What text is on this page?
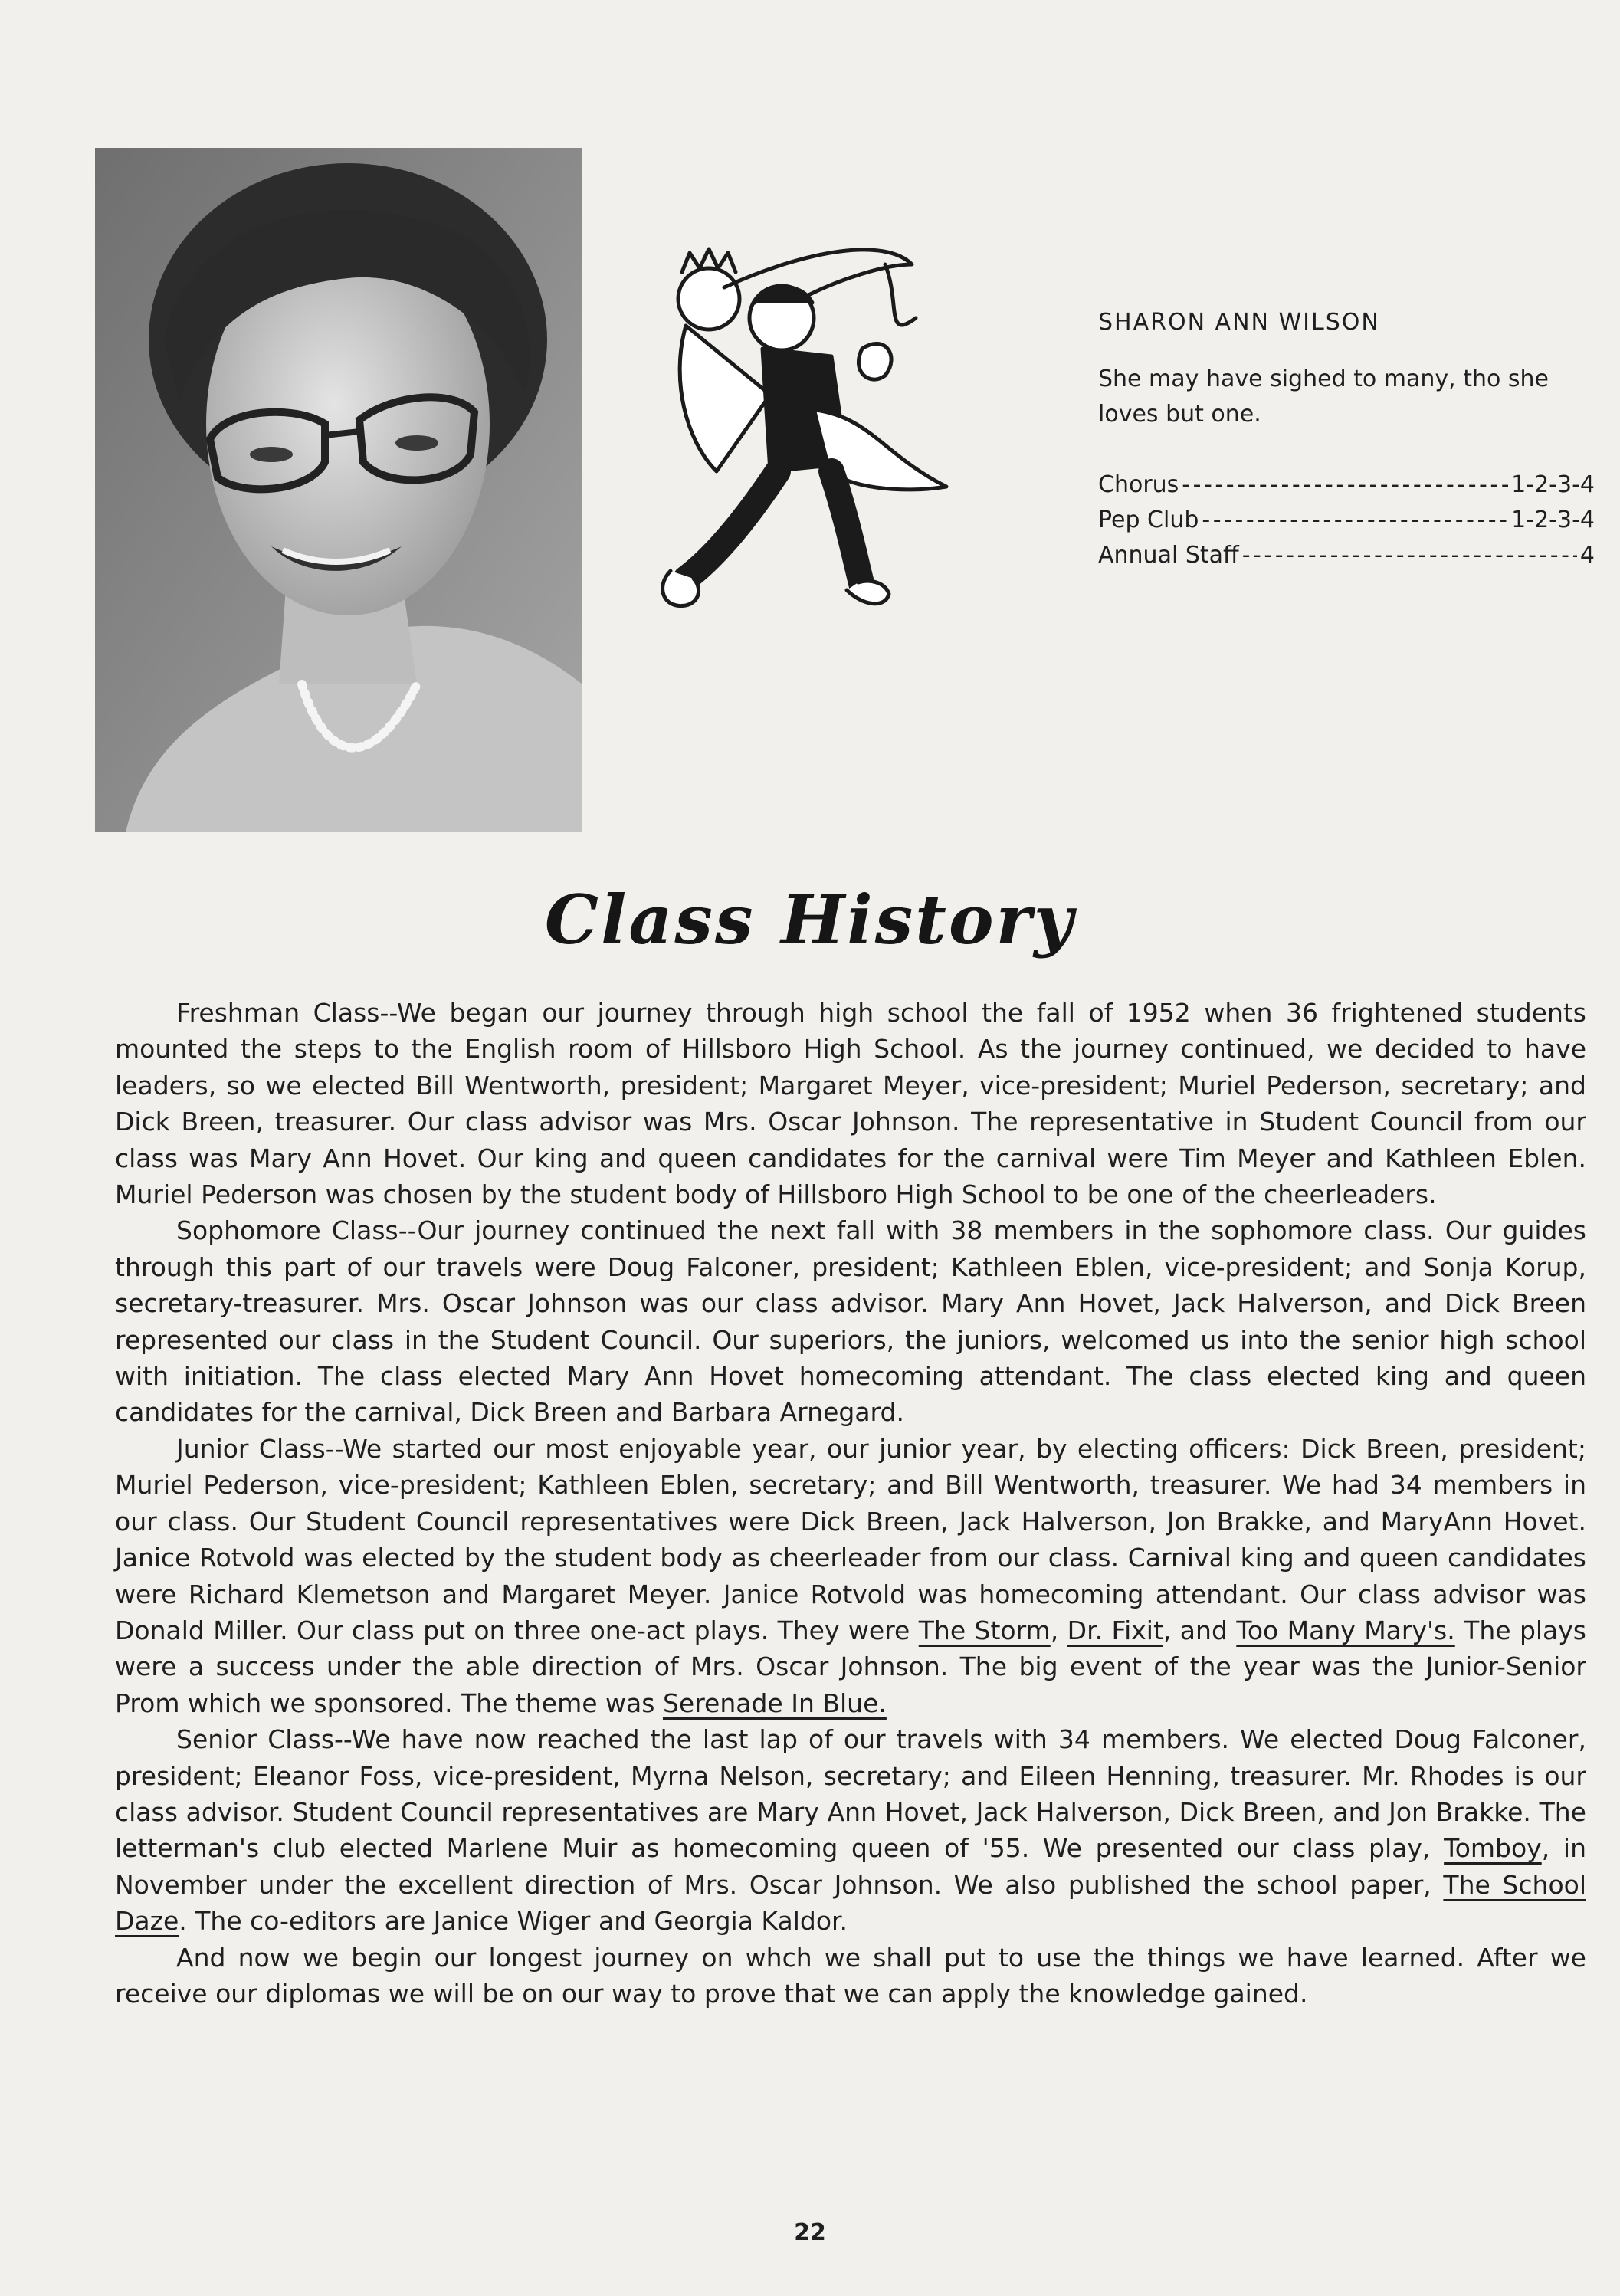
SHARON ANN WILSON
She may have sighed to many, tho she loves but one.
Chorus - - -	1-2-3-4
Pep Club - - -	1-2-3-4
Annual Staff - - -	4
Class History

Freshman Class--We began our journey through high school the fall of 1952 when 36 frightened students mounted the steps to the English room of Hillsboro High School. As the journey continued, we decided to have leaders, so we elected Bill Wentworth, president; Margaret Meyer, vice-president; Muriel Pederson, secretary; and Dick Breen, treasurer. Our class advisor was Mrs. Oscar Johnson. The representative in Student Council from our class was Mary Ann Hovet. Our king and queen candidates for the carnival were Tim Meyer and Kathleen Eblen. Muriel Pederson was chosen by the student body of Hillsboro High School to be one of the cheerleaders.

Sophomore Class--Our journey continued the next fall with 38 members in the sophomore class. Our guides through this part of our travels were Doug Falconer, president; Kathleen Eblen, vice-president; and Sonja Korup, secretary-treasurer. Mrs. Oscar Johnson was our class advisor. Mary Ann Hovet, Jack Halverson, and Dick Breen represented our class in the Student Council. Our superiors, the juniors, welcomed us into the senior high school with initiation. The class elected Mary Ann Hovet homecoming attendant. The class elected king and queen candidates for the carnival, Dick Breen and Barbara Arnegard.

Junior Class--We started our most enjoyable year, our junior year, by electing officers: Dick Breen, president; Muriel Pederson, vice-president; Kathleen Eblen, secretary; and Bill Wentworth, treasurer. We had 34 members in our class. Our Student Council representatives were Dick Breen, Jack Halverson, Jon Brakke, and MaryAnn Hovet. Janice Rotvold was elected by the student body as cheerleader from our class. Carnival king and queen candidates were Richard Klemetson and Margaret Meyer. Janice Rotvold was homecoming attendant. Our class advisor was Donald Miller. Our class put on three one-act plays. They were The Storm, Dr. Fixit, and Too Many Mary's. The plays were a success under the able direction of Mrs. Oscar Johnson. The big event of the year was the Junior-Senior Prom which we sponsored. The theme was Serenade In Blue.

Senior Class--We have now reached the last lap of our travels with 34 members. We elected Doug Falconer, president; Eleanor Foss, vice-president, Myrna Nelson, secretary; and Eileen Henning, treasurer. Mr. Rhodes is our class advisor. Student Council representatives are Mary Ann Hovet, Jack Halverson, Dick Breen, and Jon Brakke. The letterman's club elected Marlene Muir as homecoming queen of '55. We presented our class play, Tomboy, in November under the excellent direction of Mrs. Oscar Johnson. We also published the school paper, The School Daze. The co-editors are Janice Wiger and Georgia Kaldor.

And now we begin our longest journey on whch we shall put to use the things we have learned. After we receive our diplomas we will be on our way to prove that we can apply the knowledge gained.

22
